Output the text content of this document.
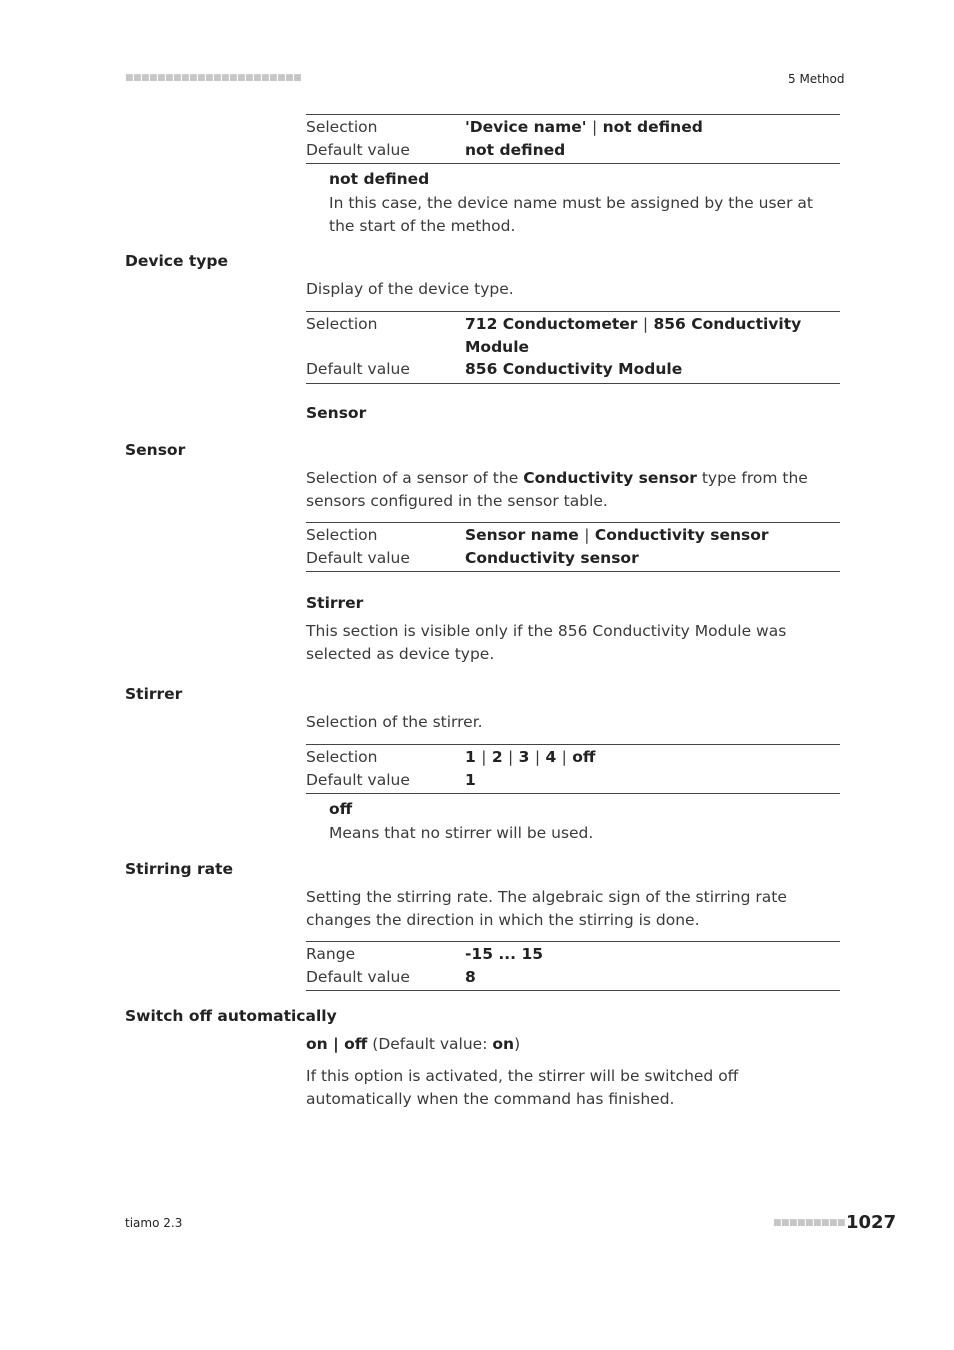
■■■■■■■■■■■■■■■■■■■■■■	5 Method
Selection	'Device name' | not defined
Default value	not defined
not defined
In this case, the device name must be assigned by the user at the start of the method.
Device type
Display of the device type.
Selection	712 Conductometer | 856 Conductivity Module
Default value	856 Conductivity Module
Sensor
Sensor
Selection of a sensor of the Conductivity sensor type from the sensors configured in the sensor table.
Selection	Sensor name | Conductivity sensor
Default value	Conductivity sensor
Stirrer
This section is visible only if the 856 Conductivity Module was selected as device type.
Stirrer
Selection of the stirrer.
Selection	1 | 2 | 3 | 4 | off
Default value	1
off
Means that no stirrer will be used.
Stirring rate
Setting the stirring rate. The algebraic sign of the stirring rate changes the direction in which the stirring is done.
Range	-15 ... 15
Default value	8
Switch off automatically
on | off (Default value: on)
If this option is activated, the stirrer will be switched off automatically when the command has finished.
tiamo 2.3	■■■■■■■■■ 1027
